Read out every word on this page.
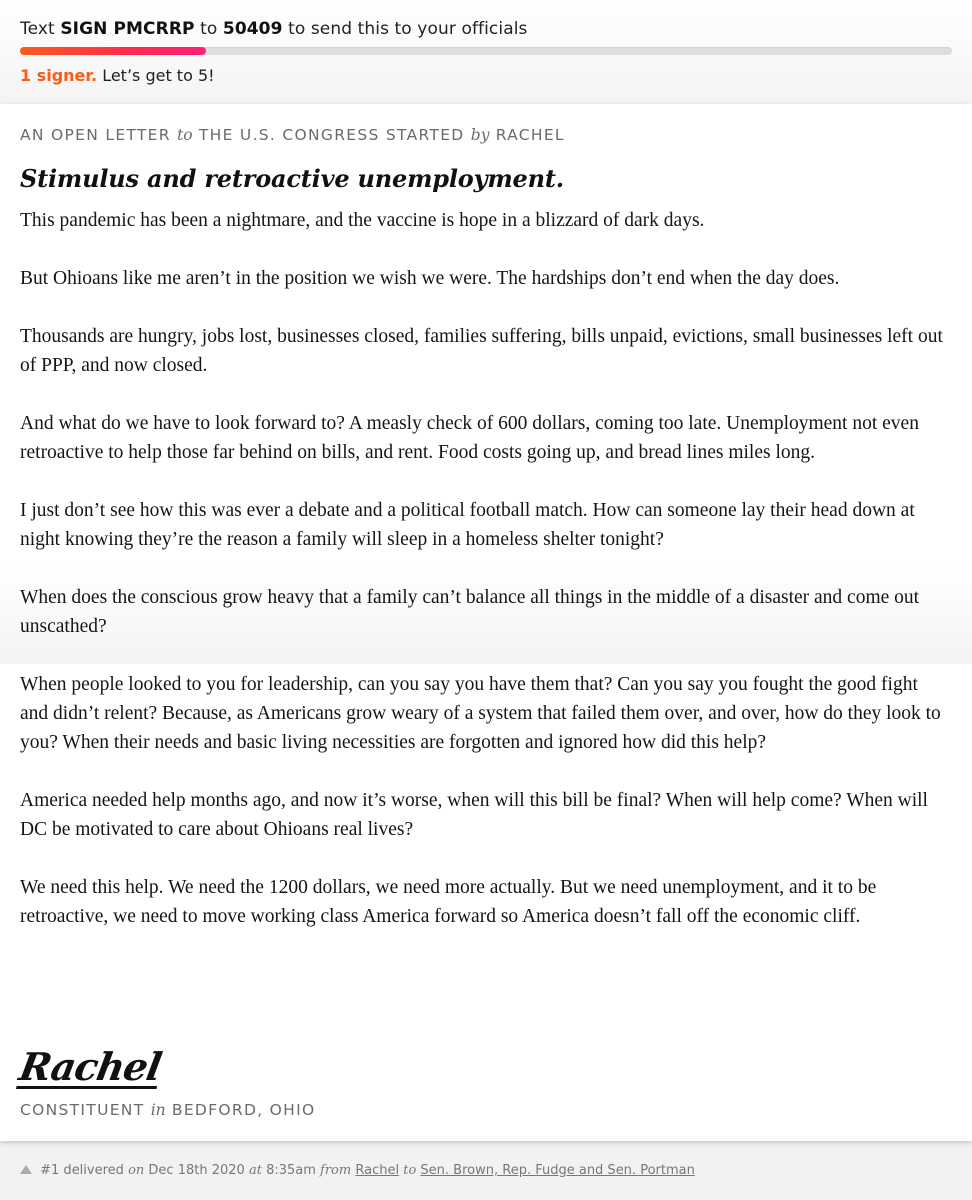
Text SIGN PMCRRP to 50409 to send this to your officials
1 signer. Let’s get to 5!
AN OPEN LETTER to THE U.S. CONGRESS STARTED by RACHEL
Stimulus and retroactive unemployment.

This pandemic has been a nightmare, and the vaccine is hope in a blizzard of dark days.

But Ohioans like me aren’t in the position we wish we were. The hardships don’t end when the day does.

Thousands are hungry, jobs lost, businesses closed, families suffering, bills unpaid, evictions, small businesses left out of PPP, and now closed.

And what do we have to look forward to? A measly check of 600 dollars, coming too late. Unemployment not even retroactive to help those far behind on bills, and rent. Food costs going up, and bread lines miles long.

I just don’t see how this was ever a debate and a political football match. How can someone lay their head down at night knowing they’re the reason a family will sleep in a homeless shelter tonight?

When does the conscious grow heavy that a family can’t balance all things in the middle of a disaster and come out unscathed?

When people looked to you for leadership, can you say you have them that? Can you say you fought the good fight and didn’t relent? Because, as Americans grow weary of a system that failed them over, and over, how do they look to you? When their needs and basic living necessities are forgotten and ignored how did this help?

America needed help months ago, and now it’s worse, when will this bill be final? When will help come? When will DC be motivated to care about Ohioans real lives?

We need this help. We need the 1200 dollars, we need more actually. But we need unemployment, and it to be retroactive, we need to move working class America forward so America doesn’t fall off the economic cliff.

Rachel
CONSTITUENT in BEDFORD, OHIO
#1 delivered on Dec 18th 2020 at 8:35am from Rachel to Sen. Brown, Rep. Fudge and Sen. Portman
